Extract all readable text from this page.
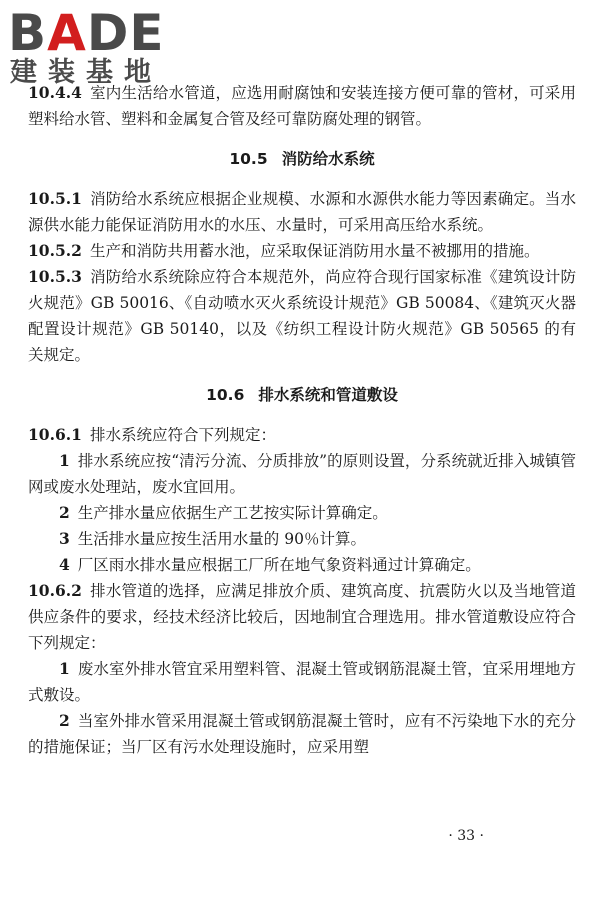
BADE
建装基地

10.4.4 室内生活给水管道，应选用耐腐蚀和安装连接方便可靠的管材，可采用塑料给水管、塑料和金属复合管及经可靠防腐处理的钢管。

10.5 消防给水系统

10.5.1 消防给水系统应根据企业规模、水源和水源供水能力等因素确定。当水源供水能力能保证消防用水的水压、水量时，可采用高压给水系统。

10.5.2 生产和消防共用蓄水池，应采取保证消防用水量不被挪用的措施。

10.5.3 消防给水系统除应符合本规范外，尚应符合现行国家标准《建筑设计防火规范》GB 50016、《自动喷水灭火系统设计规范》GB 50084、《建筑灭火器配置设计规范》GB 50140，以及《纺织工程设计防火规范》GB 50565 的有关规定。

10.6 排水系统和管道敷设

10.6.1 排水系统应符合下列规定：

1 排水系统应按“清污分流、分质排放”的原则设置，分系统就近排入城镇管网或废水处理站，废水宜回用。

2 生产排水量应依据生产工艺按实际计算确定。

3 生活排水量应按生活用水量的 90％计算。

4 厂区雨水排水量应根据工厂所在地气象资料通过计算确定。

10.6.2 排水管道的选择，应满足排放介质、建筑高度、抗震防火以及当地管道供应条件的要求，经技术经济比较后，因地制宜合理选用。排水管道敷设应符合下列规定：

1 废水室外排水管宜采用塑料管、混凝土管或钢筋混凝土管，宜采用埋地方式敷设。

2 当室外排水管采用混凝土管或钢筋混凝土管时，应有不污染地下水的充分的措施保证；当厂区有污水处理设施时，应采用塑

· 33 ·
